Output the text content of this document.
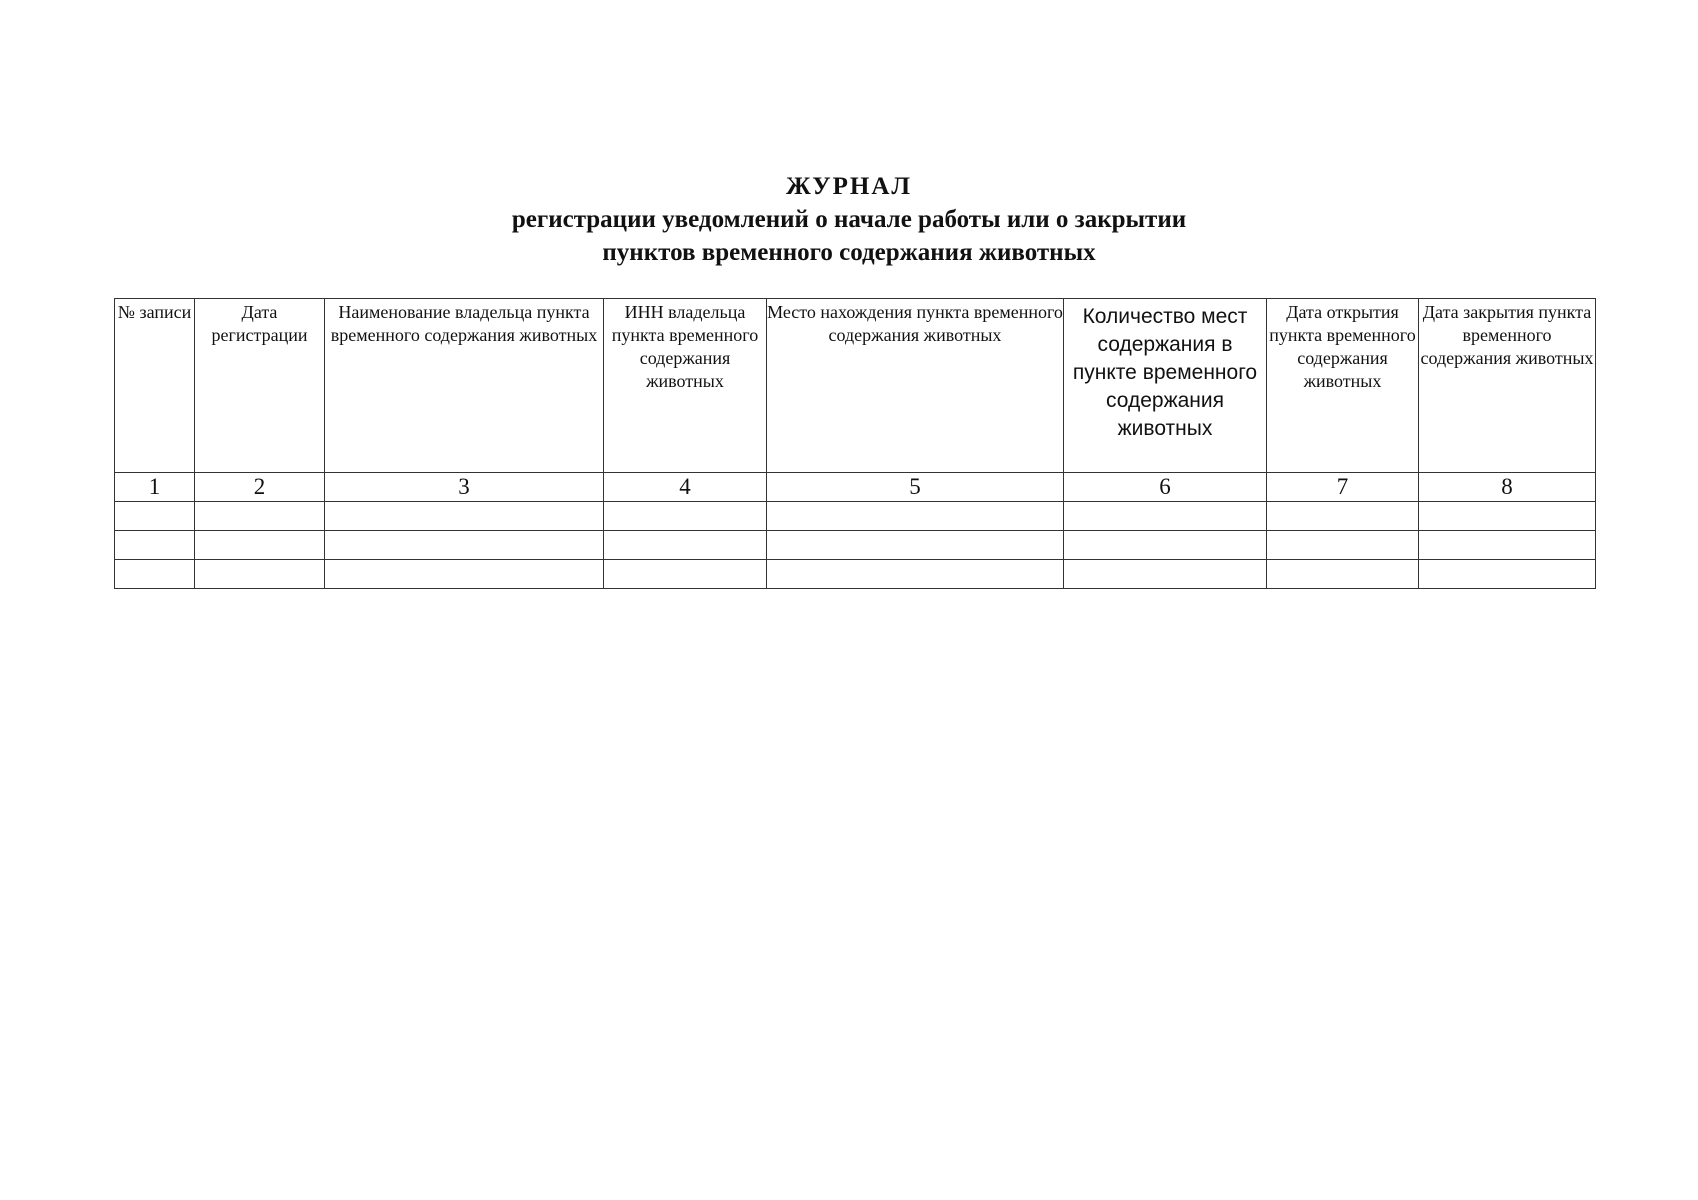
ЖУРНАЛ
регистрации уведомлений о начале работы или о закрытии
пунктов временного содержания животных
№ записи	Дата регистрации	Наименование владельца пункта временного содержания животных	ИНН владельца пункта временного содержания животных	Место нахождения пункта временного содержания животных	Количество мест содержания в пункте временного содержания животных	Дата открытия пункта временного содержания животных	Дата закрытия пункта временного содержания животных
1	2	3	4	5	6	7	8
